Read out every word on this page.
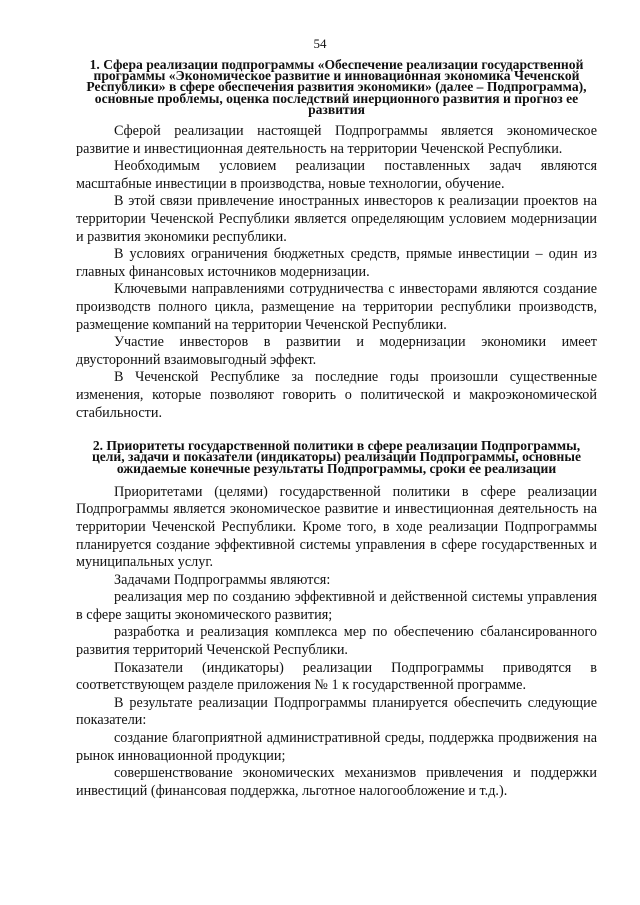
54
1. Сфера реализации подпрограммы «Обеспечение реализации государственной программы «Экономическое развитие и инновационная экономика Чеченской Республики» в сфере обеспечения развития экономики» (далее – Подпрограмма), основные проблемы, оценка последствий инерционного развития и прогноз ее развития

Сферой реализации настоящей Подпрограммы является экономическое развитие и инвестиционная деятельность на территории Чеченской Республики.

Необходимым условием реализации поставленных задач являются масштабные инвестиции в производства, новые технологии, обучение.

В этой связи привлечение иностранных инвесторов к реализации проектов на территории Чеченской Республики является определяющим условием модернизации и развития экономики республики.

В условиях ограничения бюджетных средств, прямые инвестиции – один из главных финансовых источников модернизации.

Ключевыми направлениями сотрудничества с инвесторами являются создание производств полного цикла, размещение на территории республики производств, размещение компаний на территории Чеченской Республики.

Участие инвесторов в развитии и модернизации экономики имеет двусторонний взаимовыгодный эффект.

В Чеченской Республике за последние годы произошли существенные изменения, которые позволяют говорить о политической и макроэкономической стабильности.

2. Приоритеты государственной политики в сфере реализации Подпрограммы, цели, задачи и показатели (индикаторы) реализации Подпрограммы, основные ожидаемые конечные результаты Подпрограммы, сроки ее реализации

Приоритетами (целями) государственной политики в сфере реализации Подпрограммы является экономическое развитие и инвестиционная деятельность на территории Чеченской Республики. Кроме того, в ходе реализации Подпрограммы планируется создание эффективной системы управления в сфере государственных и муниципальных услуг.

Задачами Подпрограммы являются:

реализация мер по созданию эффективной и действенной системы управления в сфере защиты экономического развития;

разработка и реализация комплекса мер по обеспечению сбалансированного развития территорий Чеченской Республики.

Показатели (индикаторы) реализации Подпрограммы приводятся в соответствующем разделе приложения № 1 к государственной программе.

В результате реализации Подпрограммы планируется обеспечить следующие показатели:

создание благоприятной административной среды, поддержка продвижения на рынок инновационной продукции;

совершенствование экономических механизмов привлечения и поддержки инвестиций (финансовая поддержка, льготное налогообложение и т.д.).
